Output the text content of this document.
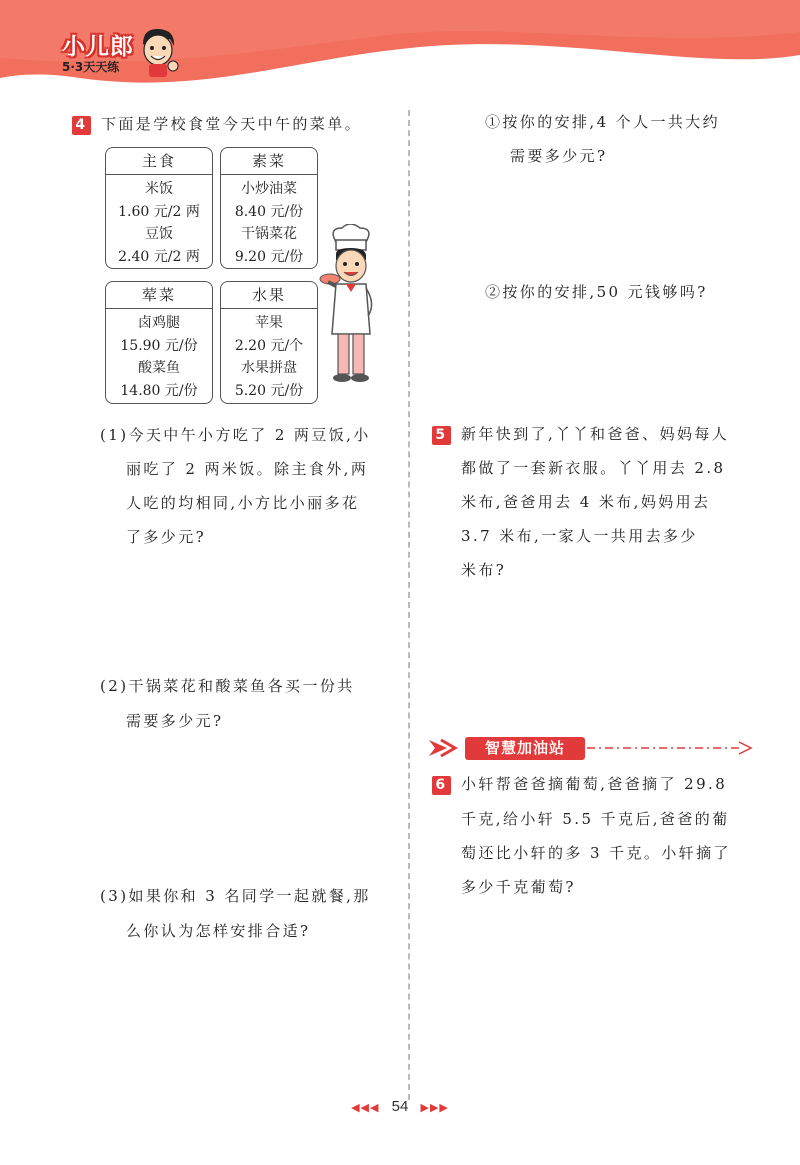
小儿郎
5·3天天练
4 下面是学校食堂今天中午的菜单。
主食
米饭
1.60 元/2 两
豆饭
2.40 元/2 两
素菜
小炒油菜
8.40 元/份
干锅菜花
9.20 元/份
荤菜
卤鸡腿
15.90 元/份
酸菜鱼
14.80 元/份
水果
苹果
2.20 元/个
水果拼盘
5.20 元/份
(1)今天中午小方吃了 2 两豆饭,小
丽吃了 2 两米饭。除主食外,两
人吃的均相同,小方比小丽多花
了多少元?
(2)干锅菜花和酸菜鱼各买一份共
需要多少元?
(3)如果你和 3 名同学一起就餐,那
么你认为怎样安排合适?
①按你的安排,4 个人一共大约
需要多少元?
②按你的安排,50 元钱够吗?
5 新年快到了,丫丫和爸爸、妈妈每人
都做了一套新衣服。丫丫用去 2.8
米布,爸爸用去 4 米布,妈妈用去
3.7 米布,一家人一共用去多少
米布?
智慧加油站
6 小轩帮爸爸摘葡萄,爸爸摘了 29.8
千克,给小轩 5.5 千克后,爸爸的葡
萄还比小轩的多 3 千克。小轩摘了
多少千克葡萄?
◀◀◀ 54 ▶▶▶
